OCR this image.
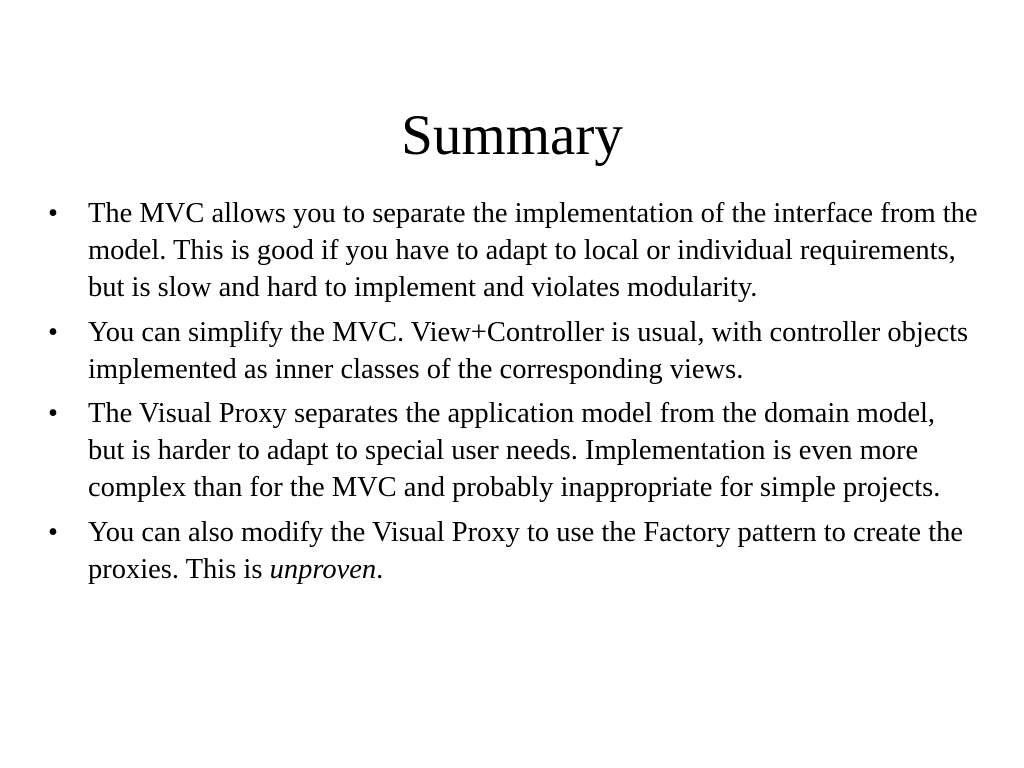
Summary
•	The MVC allows you to separate the implementation of the interface from the model. This is good if you have to adapt to local or individual requirements, but is slow and hard to implement and violates modularity.
•	You can simplify the MVC. View+Controller is usual, with controller objects implemented as inner classes of the corresponding views.
•	The Visual Proxy separates the application model from the domain model, but is harder to adapt to special user needs. Implementation is even more complex than for the MVC and probably inappropriate for simple projects.
•	You can also modify the Visual Proxy to use the Factory pattern to create the proxies. This is unproven.
